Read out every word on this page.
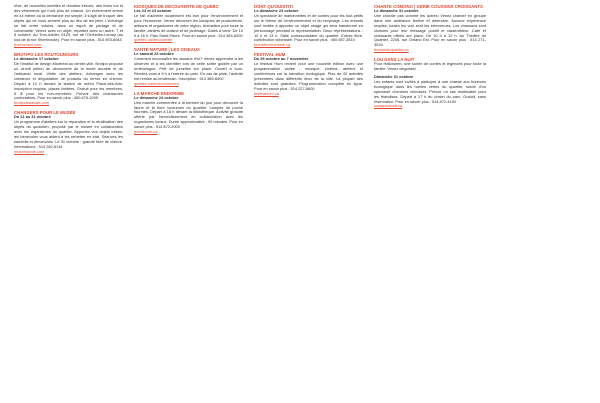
rêve, de nouvelles lunettes et d'autres trésors, des livres lus et des vêtements qui n'ont plus de chance. Un événement animé en lui même où la démarche est simple, il s'agit de troquer des objets qui ne vous servent plus au lieu de les jeter. L'échange se fait entre voisins, dans un esprit de partage et de convivialité. Venez avec un objet, repartez avec un autre. 7 et 8 octobre. Au Troc-Atelier, 6125, rue de l'Orchidée-Lemay (au sud de la rue Sherbrooke). Pour en savoir plus : 514 493-8044
troctocross.com
BROTIPO LES ROUTOUNOURS
Le dimanche 17 octobre
De l'Institut de design Montréal au centre-ville, Brotipo propose un circuit piéton de découverte de la mode durable et de l'artisanat local. Visite des ateliers, échanges avec les créateurs et dégustation de produits du terroir en chemin. Départ à 10 h devant la station de métro Place-des-Arts. Inscription requise, places limitées. Gratuit pour les membres, 5 $ pour les non-membres. Prévoir des chaussures confortables. Pour en savoir plus : 450 678-1095
brotipoleadcafe.com
CHANGERS POUR LE MUSÉE
Du 21 au 31 octobre
Un programme d'ateliers sur la réparation et la réutilisation des objets du quotidien, proposé par le musée en collaboration avec les organismes du quartier. Apportez vos objets brisés, les bénévoles vous aident à les remettre en état. Séances les samedis et dimanches. Le 31 octobre : grande foire de clôture. Informations : 514 262-6116
museelavoie.com
KIOSQUES DE DÉCOUVERTE DE QUEBC
Les 23 et 24 octobre
Le fait d'acheter localement est bon pour l'environnement et pour l'économie. Venez découvrir les kiosques de producteurs, artisans et organismes de votre région. Animation pour toute la famille, ateliers de cuisine et de jardinage. Dates à venir. De 10 h à 16 h. Parc Saint-Pierre. Pour en savoir plus : 514 384-6000
quebec.ca/decouverte
SANTÉ NATURE | LES OISEAUX
Le samedi 23 octobre
Comment reconnaître les oiseaux d'ici? Venez apprendre à les observer et à les identifier lors de cette sortie guidée par un ornithologue. Prêt de jumelles sur place. Ouvert à tous. Rendez-vous à 9 h à l'entrée du parc. En cas de pluie, l'activité est remise au lendemain. Inscription : 514 389-6000
quebec.ca/environnement
LA MARCHE ENDORMIE
Le dimanche 24 octobre
Une marche commentée à la tombée du jour pour découvrir la faune et la flore nocturnes du quartier. Lampes de poche fournies. Départ à 18 h devant la bibliothèque. Activité gratuite offerte par l'arrondissement en collaboration avec les organismes locaux. Durée approximative : 90 minutes. Pour en savoir plus : 514 872-2000
jenmarche.ca
DONT QU'OUISTIT!
Le dimanche 24 octobre
Un spectacle de marionnettes et de contes pour les tout-petits sur le thème de l'environnement et du recyclage. Les enfants sont invités à apporter un objet usagé qui sera transformé en personnage pendant la représentation. Deux représentations : 10 h et 13 h. Salle communautaire du quartier. Entrée libre, contribution volontaire. Pour en savoir plus : 450 657-2810
fondationmontreal.ca
FESTIVAL HUM
Du 29 octobre au 7 novembre
Le festival Hum revient pour une nouvelle édition avec une programmation variée : musique, cinéma, ateliers et conférences sur la transition écologique. Plus de 40 activités présentées dans différents lieux de la ville. La plupart des activités sont gratuites. Programmation complète en ligne. Pour en savoir plus : 514 227-8600
festivalhum.ca
CHANTE COMONO | GÉRIE COUSSINS CROISSANTS
Le dimanche 31 octobre
Une chorale pas comme les autres! Venez chanter en groupe dans une ambiance festive et détendue. Aucune expérience requise, toutes les voix sont les bienvenues. Les chansons sont choisies pour leur message positif et rassembleur. Café et croissants offerts sur place. De 10 h à 12 h. Au Théâtre du Quartier, 2245, rue Ontario Est. Pour en savoir plus : 514 271-3024
theatreduquartier.ca
LOU DANS LA NUIT
Pour Halloween, une soirée de contes et légendes pour toute la famille. Venez déguisés!
Dimanche 31 octobre
Les enfants sont invités à participer à une chasse aux bonbons écologique dans les ruelles vertes du quartier, suivie d'un spectacle d'ombres chinoises. Prévoir un sac réutilisable pour les friandises. Départ à 17 h du chalet du parc. Gratuit, sans réservation. Pour en savoir plus : 514 872-4150
loudanslanuit.ca
